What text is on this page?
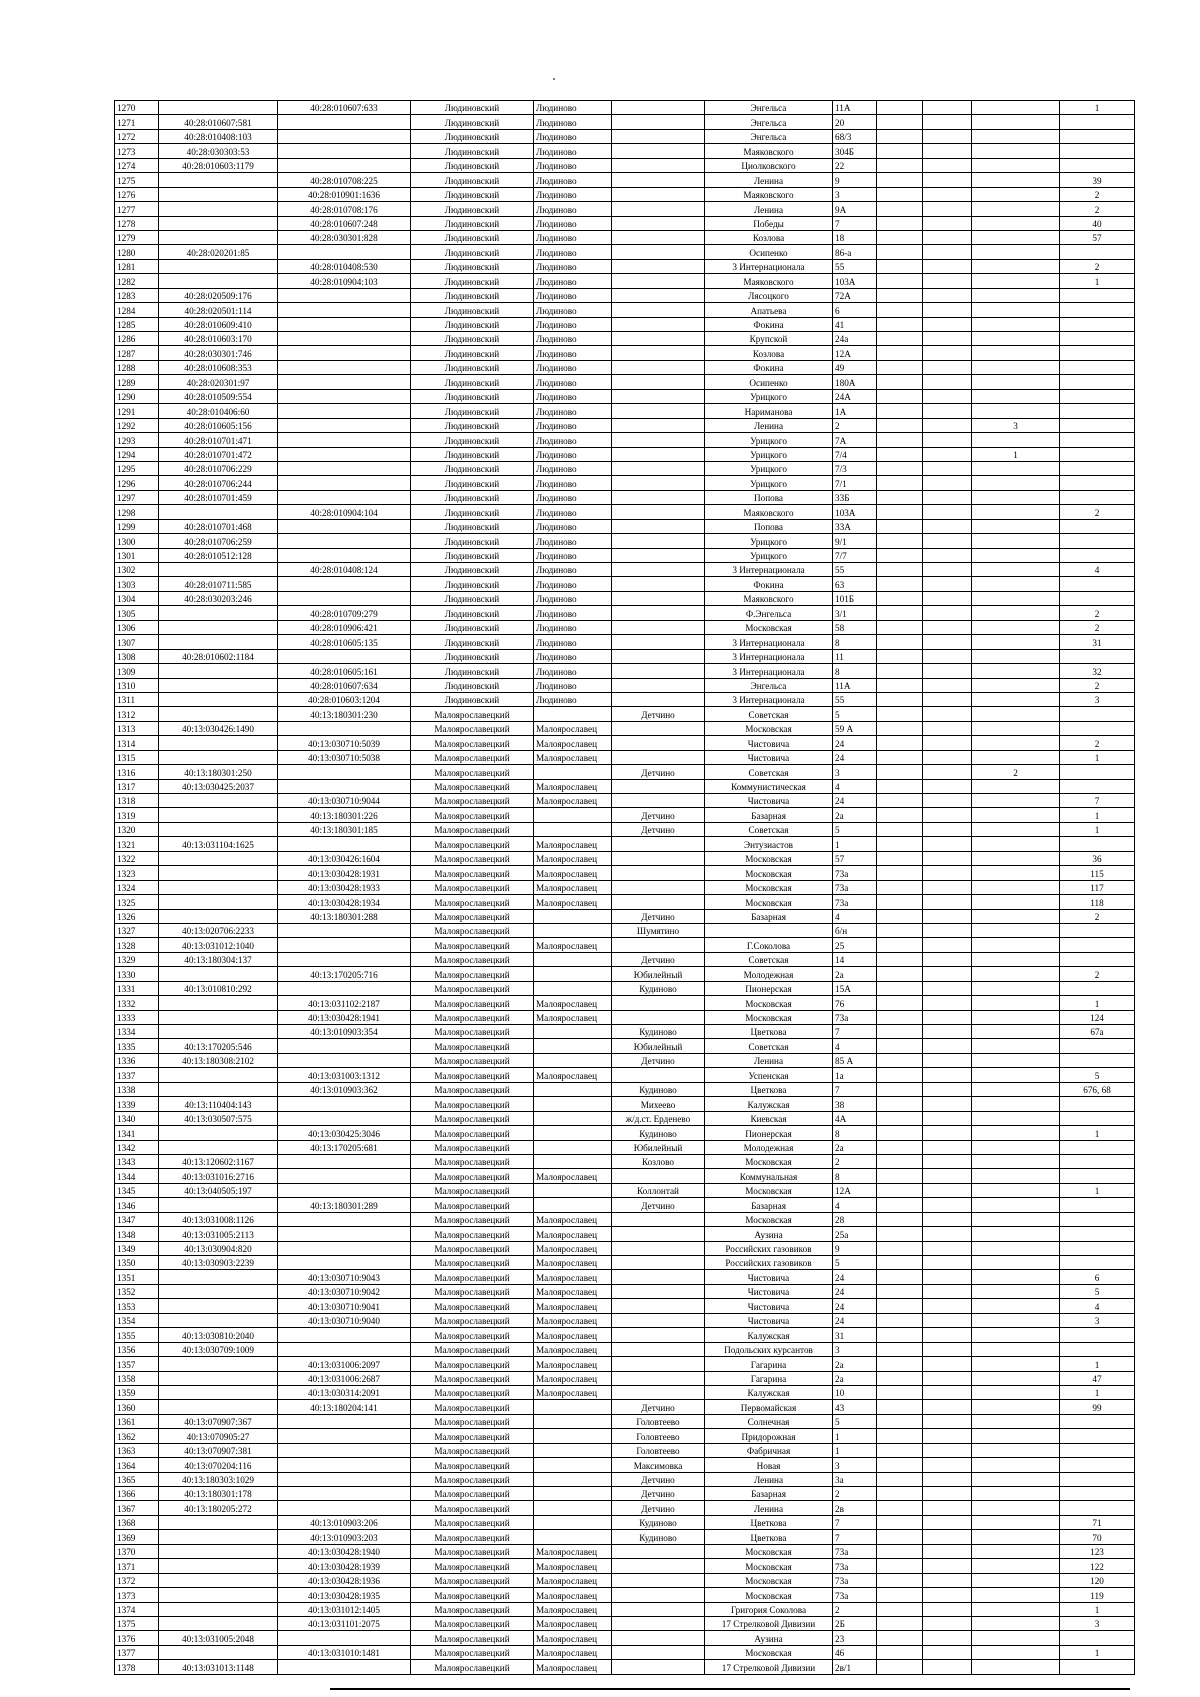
1270		40:28:010607:633	Людиновский	Людиново		Энгельса	11А				1
1271	40:28:010607:581		Людиновский	Людиново		Энгельса	20				
1272	40:28:010408:103		Людиновский	Людиново		Энгельса	68/3				
1273	40:28:030303:53		Людиновский	Людиново		Маяковского	304Б				
1274	40:28:010603:1179		Людиновский	Людиново		Циолковского	22				
1275		40:28:010708:225	Людиновский	Людиново		Ленина	9				39
1276		40:28:010901:1636	Людиновский	Людиново		Маяковского	3				2
1277		40:28:010708:176	Людиновский	Людиново		Ленина	9А				2
1278		40:28:010607:248	Людиновский	Людиново		Победы	7				40
1279		40:28:030301:828	Людиновский	Людиново		Козлова	18				57
1280	40:28:020201:85		Людиновский	Людиново		Осипенко	86-а				
1281		40:28:010408:530	Людиновский	Людиново		3 Интернационала	55				2
1282		40:28:010904:103	Людиновский	Людиново		Маяковского	103А				1
1283	40:28:020509:176		Людиновский	Людиново		Лясоцкого	72А				
1284	40:28:020501:114		Людиновский	Людиново		Апатьева	6				
1285	40:28:010609:410		Людиновский	Людиново		Фокина	41				
1286	40:28:010603:170		Людиновский	Людиново		Крупской	24а				
1287	40:28:030301:746		Людиновский	Людиново		Козлова	12А				
1288	40:28:010608:353		Людиновский	Людиново		Фокина	49				
1289	40:28:020301:97		Людиновский	Людиново		Осипенко	180А				
1290	40:28:010509:554		Людиновский	Людиново		Урицкого	24А				
1291	40:28:010406:60		Людиновский	Людиново		Нариманова	1А				
1292	40:28:010605:156		Людиновский	Людиново		Ленина	2			3	
1293	40:28:010701:471		Людиновский	Людиново		Урицкого	7А				
1294	40:28:010701:472		Людиновский	Людиново		Урицкого	7/4			1	
1295	40:28:010706:229		Людиновский	Людиново		Урицкого	7/3				
1296	40:28:010706:244		Людиновский	Людиново		Урицкого	7/1				
1297	40:28:010701:459		Людиновский	Людиново		Попова	33Б				
1298		40:28:010904:104	Людиновский	Людиново		Маяковского	103А				2
1299	40:28:010701:468		Людиновский	Людиново		Попова	33А				
1300	40:28:010706:259		Людиновский	Людиново		Урицкого	9/1				
1301	40:28:010512:128		Людиновский	Людиново		Урицкого	7/7				
1302		40:28:010408:124	Людиновский	Людиново		3 Интернационала	55				4
1303	40:28:010711:585		Людиновский	Людиново		Фокина	63				
1304	40:28:030203:246		Людиновский	Людиново		Маяковского	101Б				
1305		40:28:010709:279	Людиновский	Людиново		Ф.Энгельса	3/1				2
1306		40:28:010906:421	Людиновский	Людиново		Московская	58				2
1307		40:28:010605:135	Людиновский	Людиново		3 Интернационала	8				31
1308	40:28:010602:1184		Людиновский	Людиново		3 Интернационала	11				
1309		40:28:010605:161	Людиновский	Людиново		3 Интернационала	8				32
1310		40:28:010607:634	Людиновский	Людиново		Энгельса	11А				2
1311		40:28:010603:1204	Людиновский	Людиново		3 Интернационала	55				3
1312		40:13:180301:230	Малоярославецкий		Детчино	Советская	5				
1313	40:13:030426:1490		Малоярославецкий	Малоярославец		Московская	59 А				
1314		40:13:030710:5039	Малоярославецкий	Малоярославец		Чистовича	24				2
1315		40:13:030710:5038	Малоярославецкий	Малоярославец		Чистовича	24				1
1316	40:13:180301:250		Малоярославецкий		Детчино	Советская	3			2	
1317	40:13:030425:2037		Малоярославецкий	Малоярославец		Коммунистическая	4				
1318		40:13:030710:9044	Малоярославецкий	Малоярославец		Чистовича	24				7
1319		40:13:180301:226	Малоярославецкий		Детчино	Базарная	2а				1
1320		40:13:180301:185	Малоярославецкий		Детчино	Советская	5				1
1321	40:13:031104:1625		Малоярославецкий	Малоярославец		Энтузиастов	1				
1322		40:13:030426:1604	Малоярославецкий	Малоярославец		Московская	57				36
1323		40:13:030428:1931	Малоярославецкий	Малоярославец		Московская	73а				115
1324		40:13:030428:1933	Малоярославецкий	Малоярославец		Московская	73а				117
1325		40:13:030428:1934	Малоярославецкий	Малоярославец		Московская	73а				118
1326		40:13:180301:288	Малоярославецкий		Детчино	Базарная	4				2
1327	40:13:020706:2233		Малоярославецкий		Шумятино		б/н				
1328	40:13:031012:1040		Малоярославецкий	Малоярославец		Г.Соколова	25				
1329	40:13:180304:137		Малоярославецкий		Детчино	Советская	14				
1330		40:13:170205:716	Малоярославецкий		Юбилейный	Молодежная	2а				2
1331	40:13:010810:292		Малоярославецкий		Кудиново	Пионерская	15А				
1332		40:13:031102:2187	Малоярославецкий	Малоярославец		Московская	76				1
1333		40:13:030428:1941	Малоярославецкий	Малоярославец		Московская	73а				124
1334		40:13:010903:354	Малоярославецкий		Кудиново	Цветкова	7				67а
1335	40:13:170205:546		Малоярославецкий		Юбилейный	Советская	4				
1336	40:13:180308:2102		Малоярославецкий		Детчино	Ленина	85 А				
1337		40:13:031003:1312	Малоярославецкий	Малоярославец		Успенская	1а				5
1338		40:13:010903:362	Малоярославецкий		Кудиново	Цветкова	7				676, 68
1339	40:13:110404:143		Малоярославецкий		Михеево	Калужская	38				
1340	40:13:030507:575		Малоярославецкий		ж/д.ст. Ерденево	Киевская	4А				
1341		40:13:030425:3046	Малоярославецкий		Кудиново	Пионерская	8				1
1342		40:13:170205:681	Малоярославецкий		Юбилейный	Молодежная	2а				
1343	40:13:120602:1167		Малоярославецкий		Козлово	Московская	2				
1344	40:13:031016:2716		Малоярославецкий	Малоярославец		Коммунальная	8				
1345	40:13:040505:197		Малоярославецкий		Коллонтай	Московская	12А				1
1346		40:13:180301:289	Малоярославецкий		Детчино	Базарная	4				
1347	40:13:031008:1126		Малоярославецкий	Малоярославец		Московская	28				
1348	40:13:031005:2113		Малоярославецкий	Малоярославец		Аузина	25а				
1349	40:13:030904:820		Малоярославецкий	Малоярославец		Российских газовиков	9				
1350	40:13:030903:2239		Малоярославецкий	Малоярославец		Российских газовиков	5				
1351		40:13:030710:9043	Малоярославецкий	Малоярославец		Чистовича	24				6
1352		40:13:030710:9042	Малоярославецкий	Малоярославец		Чистовича	24				5
1353		40:13:030710:9041	Малоярославецкий	Малоярославец		Чистовича	24				4
1354		40:13:030710:9040	Малоярославецкий	Малоярославец		Чистовича	24				3
1355	40:13:030810:2040		Малоярославецкий	Малоярославец		Калужская	31				
1356	40:13:030709:1009		Малоярославецкий	Малоярославец		Подольских курсантов	3				
1357		40:13:031006:2097	Малоярославецкий	Малоярославец		Гагарина	2а				1
1358		40:13:031006:2687	Малоярославецкий	Малоярославец		Гагарина	2а				47
1359		40:13:030314:2091	Малоярославецкий	Малоярославец		Калужская	10				1
1360		40:13:180204:141	Малоярославецкий		Детчино	Первомайская	43				99
1361	40:13:070907:367		Малоярославецкий		Головтеево	Солнечная	5				
1362	40:13:070905:27		Малоярославецкий		Головтеево	Придорожная	1				
1363	40:13:070907:381		Малоярославецкий		Головтеево	Фабричная	1				
1364	40:13:070204:116		Малоярославецкий		Максимовка	Новая	3				
1365	40:13:180303:1029		Малоярославецкий		Детчино	Ленина	3а				
1366	40:13:180301:178		Малоярославецкий		Детчино	Базарная	2				
1367	40:13:180205:272		Малоярославецкий		Детчино	Ленина	2в				
1368		40:13:010903:206	Малоярославецкий		Кудиново	Цветкова	7				71
1369		40:13:010903:203	Малоярославецкий		Кудиново	Цветкова	7				70
1370		40:13:030428:1940	Малоярославецкий	Малоярославец		Московская	73а				123
1371		40:13:030428:1939	Малоярославецкий	Малоярославец		Московская	73а				122
1372		40:13:030428:1936	Малоярославецкий	Малоярославец		Московская	73а				120
1373		40:13:030428:1935	Малоярославецкий	Малоярославец		Московская	73а				119
1374		40:13:031012:1405	Малоярославецкий	Малоярославец		Григория Соколова	2				1
1375		40:13:031101:2075	Малоярославецкий	Малоярославец		17 Стрелковой Дивизии	2Б				3
1376	40:13:031005:2048		Малоярославецкий	Малоярославец		Аузина	23				
1377		40:13:031010:1481	Малоярославецкий	Малоярославец		Московская	46				1
1378	40:13:031013:1148		Малоярославецкий	Малоярославец		17 Стрелковой Дивизии	2в/1				
